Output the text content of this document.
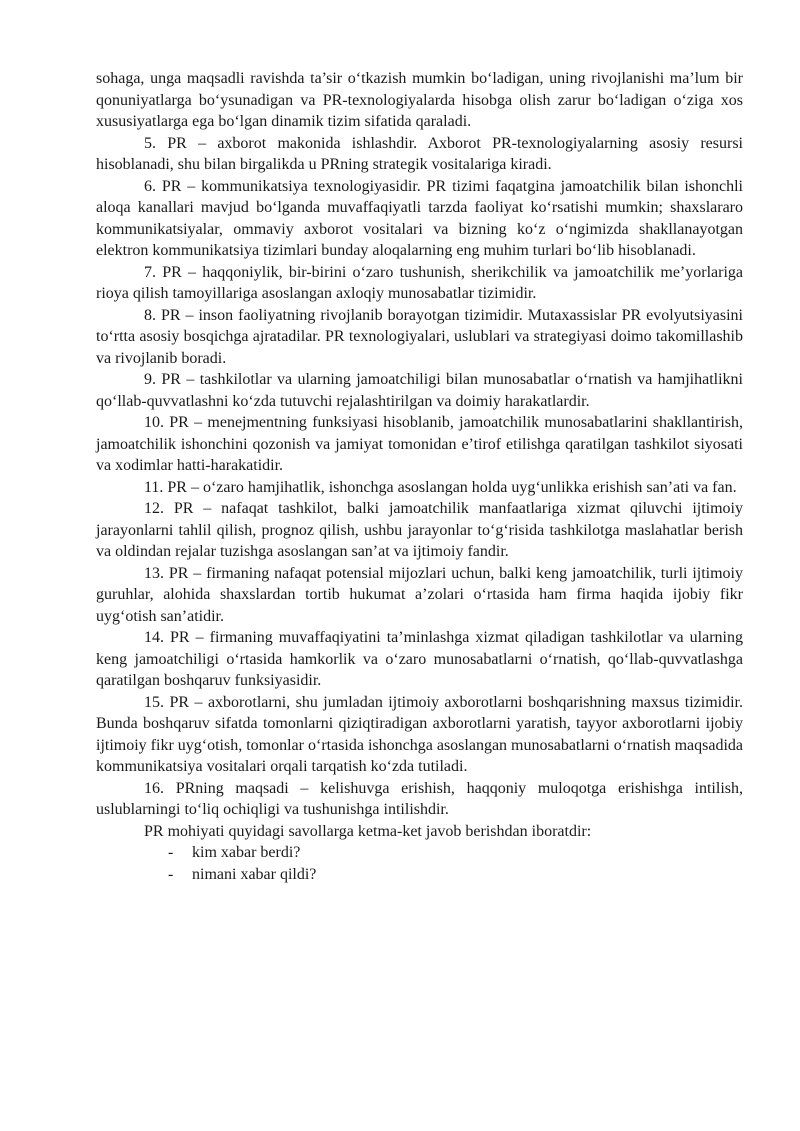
sohaga, unga maqsadli ravishda ta’sir o‘tkazish mumkin bo‘ladigan, uning rivojlanishi ma’lum bir qonuniyatlarga bo‘ysunadigan va PR-texnologiyalarda hisobga olish zarur bo‘ladigan o‘ziga xos xususiyatlarga ega bo‘lgan dinamik tizim sifatida qaraladi.

5. PR – axborot makonida ishlashdir. Axborot PR-texnologiyalarning asosiy resursi hisoblanadi, shu bilan birgalikda u PRning strategik vositalariga kiradi.

6. PR – kommunikatsiya texnologiyasidir. PR tizimi faqatgina jamoatchilik bilan ishonchli aloqa kanallari mavjud bo‘lganda muvaffaqiyatli tarzda faoliyat ko‘rsatishi mumkin; shaxslararo kommunikatsiyalar, ommaviy axborot vositalari va bizning ko‘z o‘ngimizda shakllanayotgan elektron kommunikatsiya tizimlari bunday aloqalarning eng muhim turlari bo‘lib hisoblanadi.

7. PR – haqqoniylik, bir-birini o‘zaro tushunish, sherikchilik va jamoatchilik me’yorlariga rioya qilish tamoyillariga asoslangan axloqiy munosabatlar tizimidir.

8. PR – inson faoliyatning rivojlanib borayotgan tizimidir. Mutaxassislar PR evolyutsiyasini to‘rtta asosiy bosqichga ajratadilar. PR texnologiyalari, uslublari va strategiyasi doimo takomillashib va rivojlanib boradi.

9. PR – tashkilotlar va ularning jamoatchiligi bilan munosabatlar o‘rnatish va hamjihatlikni qo‘llab-quvvatlashni ko‘zda tutuvchi rejalashtirilgan va doimiy harakatlardir.

10. PR – menejmentning funksiyasi hisoblanib, jamoatchilik munosabatlarini shakllantirish, jamoatchilik ishonchini qozonish va jamiyat tomonidan e’tirof etilishga qaratilgan tashkilot siyosati va xodimlar hatti-harakatidir.

11. PR – o‘zaro hamjihatlik, ishonchga asoslangan holda uyg‘unlikka erishish san’ati va fan.

12. PR – nafaqat tashkilot, balki jamoatchilik manfaatlariga xizmat qiluvchi ijtimoiy jarayonlarni tahlil qilish, prognoz qilish, ushbu jarayonlar to‘g‘risida tashkilotga maslahatlar berish va oldindan rejalar tuzishga asoslangan san’at va ijtimoiy fandir.

13. PR – firmaning nafaqat potensial mijozlari uchun, balki keng jamoatchilik, turli ijtimoiy guruhlar, alohida shaxslardan tortib hukumat a’zolari o‘rtasida ham firma haqida ijobiy fikr uyg‘otish san’atidir.

14. PR – firmaning muvaffaqiyatini ta’minlashga xizmat qiladigan tashkilotlar va ularning keng jamoatchiligi o‘rtasida hamkorlik va o‘zaro munosabatlarni o‘rnatish, qo‘llab-quvvatlashga qaratilgan boshqaruv funksiyasidir.

15. PR – axborotlarni, shu jumladan ijtimoiy axborotlarni boshqarishning maxsus tizimidir. Bunda boshqaruv sifatda tomonlarni qiziqtiradigan axborotlarni yaratish, tayyor axborotlarni ijobiy ijtimoiy fikr uyg‘otish, tomonlar o‘rtasida ishonchga asoslangan munosabatlarni o‘rnatish maqsadida kommunikatsiya vositalari orqali tarqatish ko‘zda tutiladi.

16. PRning maqsadi – kelishuvga erishish, haqqoniy muloqotga erishishga intilish, uslublarningi to‘liq ochiqligi va tushunishga intilishdir.

PR mohiyati quyidagi savollarga ketma-ket javob berishdan iboratdir:

- kim xabar berdi?
- nimani xabar qildi?
